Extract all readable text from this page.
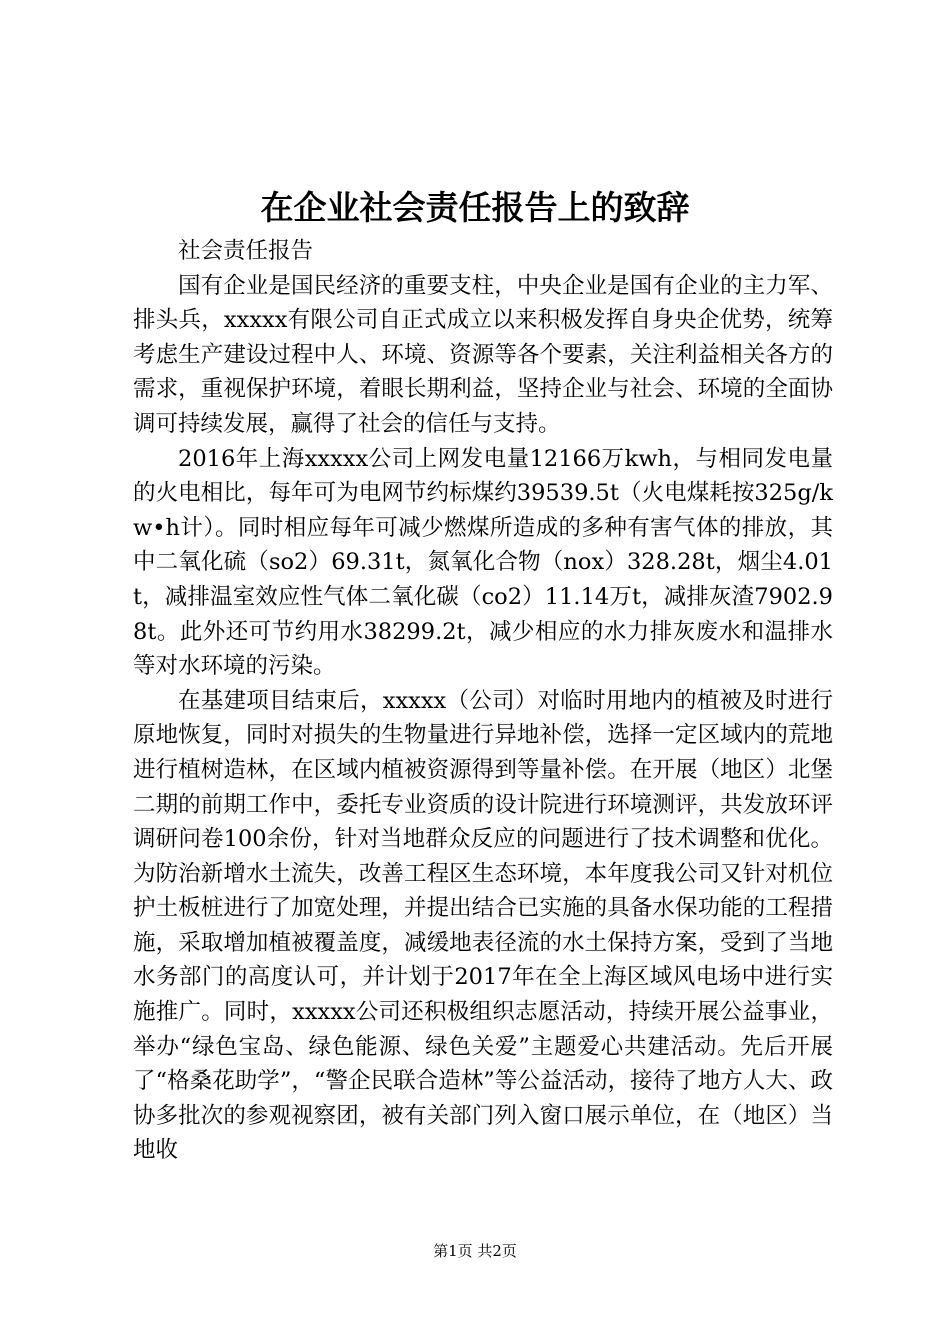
在企业社会责任报告上的致辞

社会责任报告

国有企业是国民经济的重要支柱，中央企业是国有企业的主力军、排头兵，xxxxx有限公司自正式成立以来积极发挥自身央企优势，统筹考虑生产建设过程中人、环境、资源等各个要素，关注利益相关各方的需求，重视保护环境，着眼长期利益，坚持企业与社会、环境的全面协调可持续发展，赢得了社会的信任与支持。

2016年上海xxxxx公司上网发电量12166万kwh，与相同发电量的火电相比，每年可为电网节约标煤约39539.5t（火电煤耗按325g/kw•h计）。同时相应每年可减少燃煤所造成的多种有害气体的排放，其中二氧化硫（so2）69.31t，氮氧化合物（nox）328.28t，烟尘4.01t，减排温室效应性气体二氧化碳（co2）11.14万t，减排灰渣7902.98t。此外还可节约用水38299.2t，减少相应的水力排灰废水和温排水等对水环境的污染。

在基建项目结束后，xxxxx（公司）对临时用地内的植被及时进行原地恢复，同时对损失的生物量进行异地补偿，选择一定区域内的荒地进行植树造林，在区域内植被资源得到等量补偿。在开展（地区）北堡二期的前期工作中，委托专业资质的设计院进行环境测评，共发放环评调研问卷100余份，针对当地群众反应的问题进行了技术调整和优化。为防治新增水土流失，改善工程区生态环境，本年度我公司又针对机位护土板桩进行了加宽处理，并提出结合已实施的具备水保功能的工程措施，采取增加植被覆盖度，减缓地表径流的水土保持方案，受到了当地水务部门的高度认可，并计划于2017年在全上海区域风电场中进行实施推广。同时，xxxxx公司还积极组织志愿活动，持续开展公益事业，举办“绿色宝岛、绿色能源、绿色关爱”主题爱心共建活动。先后开展了“格桑花助学”，“警企民联合造林”等公益活动，接待了地方人大、政协多批次的参观视察团，被有关部门列入窗口展示单位，在（地区）当地收

第1页 共2页
